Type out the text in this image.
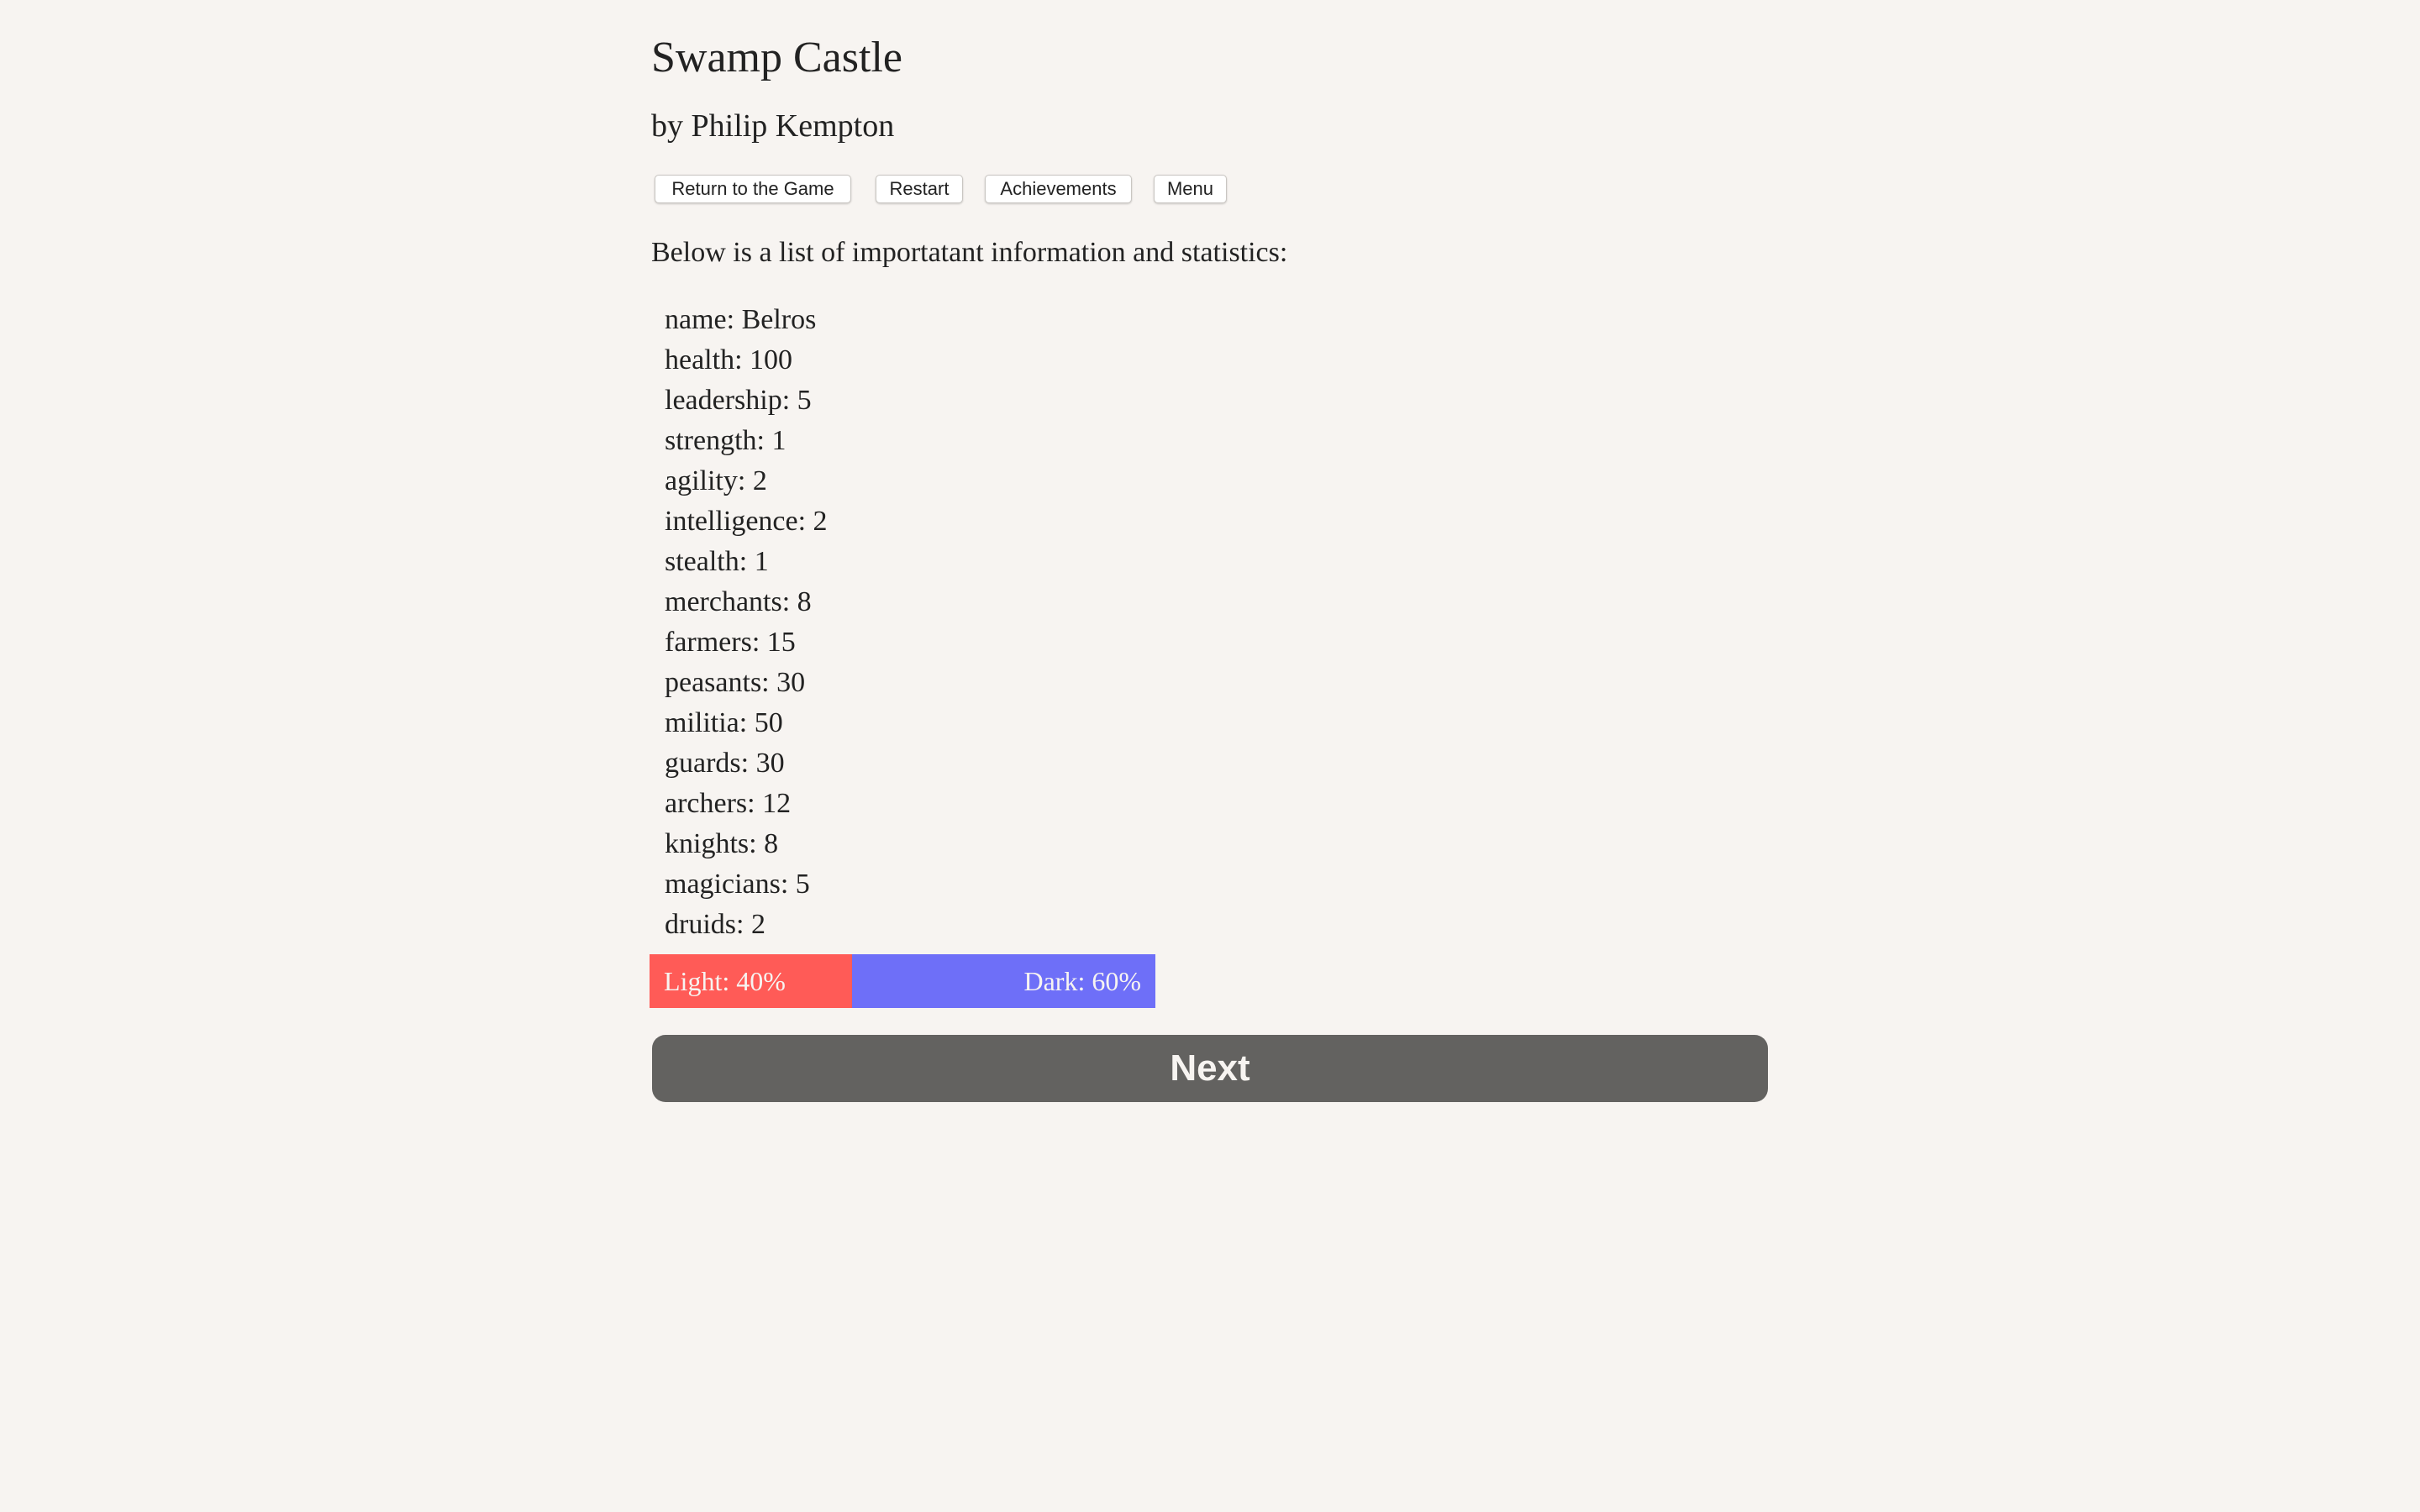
Swamp Castle
by Philip Kempton
Return to the Game	Restart	Achievements	Menu

Below is a list of importatant information and statistics:

name: Belros
health: 100
leadership: 5
strength: 1
agility: 2
intelligence: 2
stealth: 1
merchants: 8
farmers: 15
peasants: 30
militia: 50
guards: 30
archers: 12
knights: 8
magicians: 5
druids: 2
Light: 40%	Dark: 60%
Next
